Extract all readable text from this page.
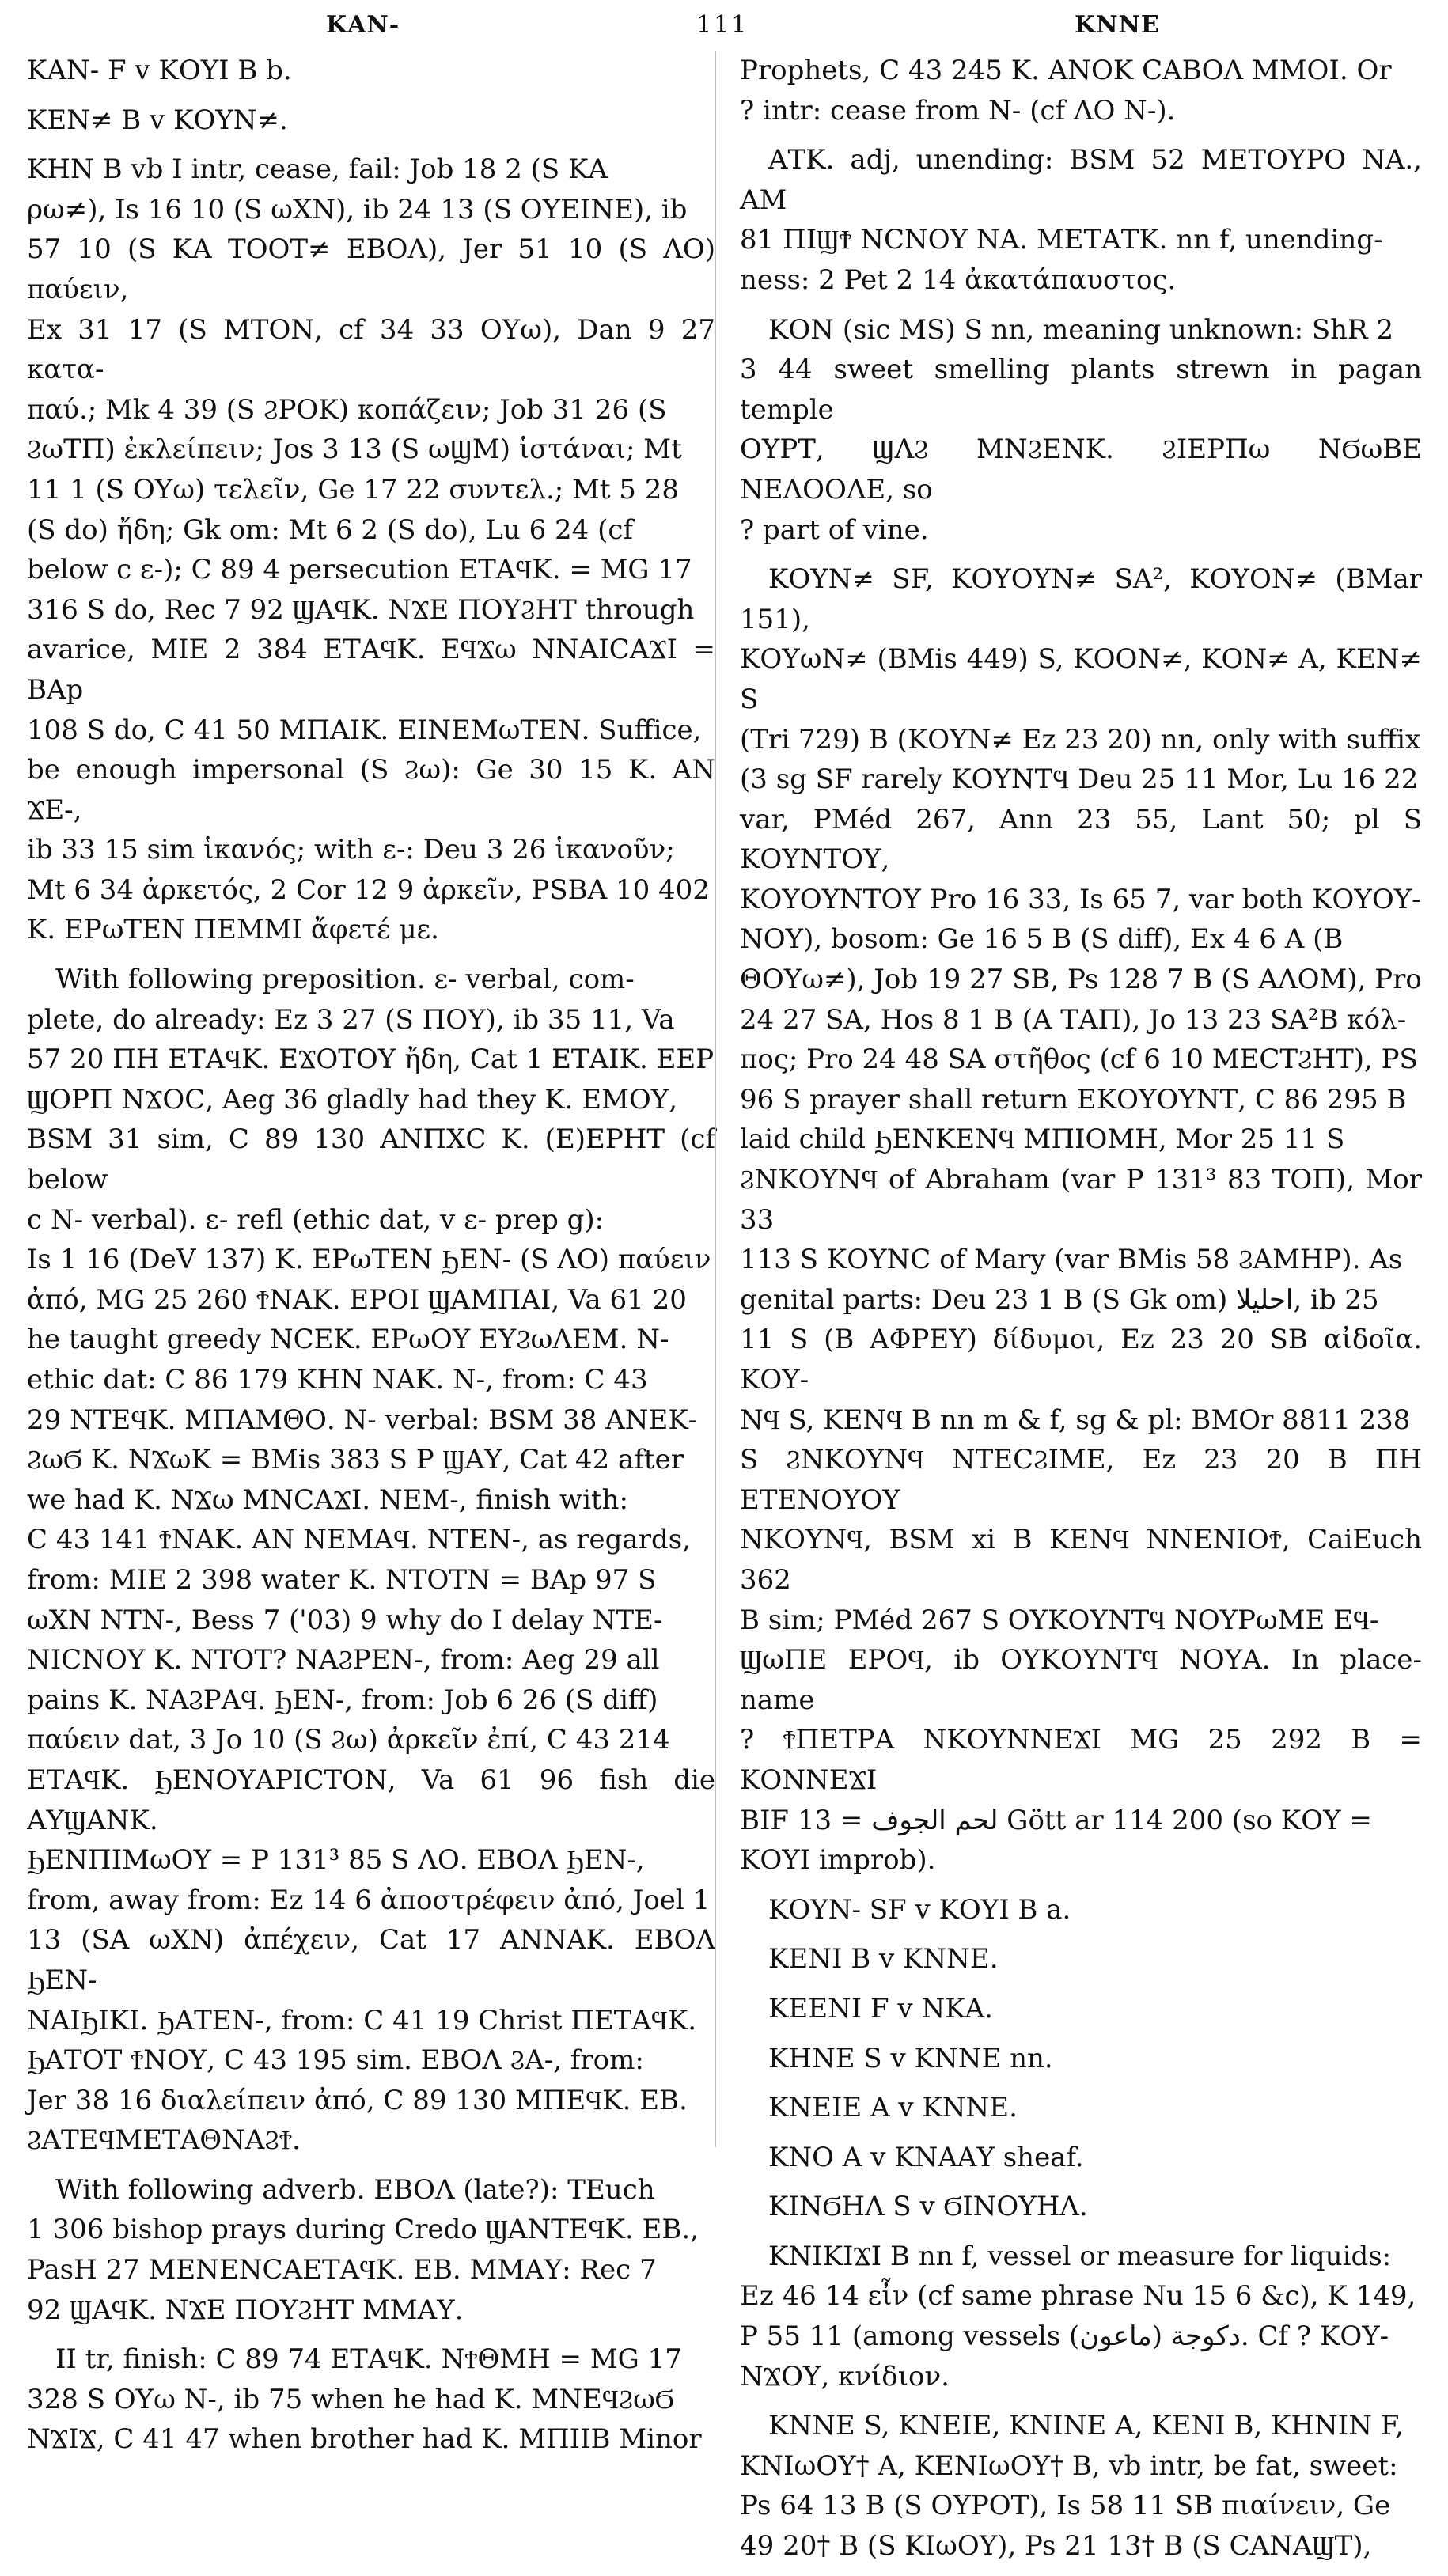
ΚΑΝ-	111	ΚΝΝΕ
ΚΑΝ- F v ΚΟΥΙ B b.
ΚΕΝ≠ B v ΚΟΥΝ≠.
ΚΗΝ B vb I intr, cease, fail: Job 18 2 (S ΚΑ
ρω≠), Is 16 10 (S ωΧΝ), ib 24 13 (S ΟΥΕΙΝΕ), ib
57 10 (S ΚΑ ΤΟΟΤ≠ ΕΒΟΛ), Jer 51 10 (S ΛΟ) παύειν,
Ex 31 17 (S ΜΤΟΝ, cf 34 33 ΟΥω), Dan 9 27 κατα-
παύ.; Mk 4 39 (S ϨΡΟΚ) κοπάζειν; Job 31 26 (S
ϨωΤΠ) ἐκλείπειν; Jos 3 13 (S ωϢΜ) ἱστάναι; Mt
11 1 (S ΟΥω) τελεῖν, Ge 17 22 συντελ.; Mt 5 28
(S do) ἤδη; Gk om: Mt 6 2 (S do), Lu 6 24 (cf
below c ε-); C 89 4 persecution ΕΤΑϤΚ. = MG 17
316 S do, Rec 7 92 ϢΑϤΚ. ΝϪΕ ΠΟΥϨΗΤ through
avarice, MIE 2 384 ΕΤΑϤΚ. ΕϤϪω ΝΝΑΙϹΑϪΙ = BAp
108 S do, C 41 50 ΜΠΑΙΚ. ΕΙΝΕΜωΤΕΝ. Suffice,
be enough impersonal (S Ϩω): Ge 30 15 Κ. ΑΝ ϪΕ-,
ib 33 15 sim ἱκανός; with ε-: Deu 3 26 ἱκανοῦν;
Mt 6 34 ἀρκετός, 2 Cor 12 9 ἀρκεῖν, PSBA 10 402
Κ. ΕΡωΤΕΝ ΠΕΜΜΙ ἄφετέ με.
With following preposition. ε- verbal, com-
plete, do already: Ez 3 27 (S ΠΟΥ), ib 35 11, Va
57 20 ΠΗ ΕΤΑϤΚ. ΕϪΟΤΟΥ ἤδη, Cat 1 ΕΤΑΙΚ. ΕΕΡ
ϢΟΡΠ ΝϪΟϹ, Aeg 36 gladly had they Κ. ΕΜΟΥ,
BSM 31 sim, C 89 130 ΑΝΠΧϹ Κ. (Ε)ΕΡΗΤ (cf below
c Ν- verbal). ε- refl (ethic dat, v ε- prep g):
Is 1 16 (DeV 137) Κ. ΕΡωΤΕΝ ϦΕΝ- (S ΛΟ) παύειν
ἀπό, MG 25 260 ϮΝΑΚ. ΕΡΟΙ ϢΑΜΠΑΙ, Va 61 20
he taught greedy ΝϹΕΚ. ΕΡωΟΥ ΕΥϨωΛΕΜ. Ν-
ethic dat: C 86 179 ΚΗΝ ΝΑΚ. Ν-, from: C 43
29 ΝΤΕϤΚ. ΜΠΑΜΘΟ. Ν- verbal: BSM 38 ΑΝΕΚ-
ϨωϬ Κ. ΝϪωΚ = BMis 383 S Ρ ϢΑΥ, Cat 42 after
we had Κ. ΝϪω ΜΝϹΑϪΙ. ΝΕΜ-, finish with:
C 43 141 ϮΝΑΚ. ΑΝ ΝΕΜΑϤ. ΝΤΕΝ-, as regards,
from: MIE 2 398 water Κ. ΝΤΟΤΝ = BAp 97 S
ωΧΝ ΝΤΝ-, Bess 7 ('03) 9 why do I delay ΝΤΕ-
ΝΙϹΝΟΥ Κ. ΝΤΟΤ? ΝΑϨΡΕΝ-, from: Aeg 29 all
pains Κ. ΝΑϨΡΑϤ. ϦΕΝ-, from: Job 6 26 (S diff)
παύειν dat, 3 Jo 10 (S Ϩω) ἀρκεῖν ἐπί, C 43 214
ΕΤΑϤΚ. ϦΕΝΟΥΑΡΙϹΤΟΝ, Va 61 96 fish die ΑΥϢΑΝΚ.
ϦΕΝΠΙΜωΟΥ = P 131³ 85 S ΛΟ. ΕΒΟΛ ϦΕΝ-,
from, away from: Ez 14 6 ἀποστρέφειν ἀπό, Joel 1
13 (SA ωΧΝ) ἀπέχειν, Cat 17 ΑΝΝΑΚ. ΕΒΟΛ ϦΕΝ-
ΝΑΙϦΙΚΙ. ϦΑΤΕΝ-, from: C 41 19 Christ ΠΕΤΑϤΚ.
ϦΑΤΟΤ ϮΝΟΥ, C 43 195 sim. ΕΒΟΛ ϨΑ-, from:
Jer 38 16 διαλείπειν ἀπό, C 89 130 ΜΠΕϤΚ. ΕΒ.
ϨΑΤΕϤΜΕΤΑΘΝΑϨϮ.
With following adverb. ΕΒΟΛ (late?): TEuch
1 306 bishop prays during Credo ϢΑΝΤΕϤΚ. ΕΒ.,
PasH 27 ΜΕΝΕΝϹΑΕΤΑϤΚ. ΕΒ. ΜΜΑΥ: Rec 7
92 ϢΑϤΚ. ΝϪΕ ΠΟΥϨΗΤ ΜΜΑΥ.
II tr, finish: C 89 74 ΕΤΑϤΚ. ΝϮΘΜΗ = MG 17
328 S ΟΥω Ν-, ib 75 when he had Κ. ΜΝΕϤϨωϬ
ΝϪΙϪ, C 41 47 when brother had Κ. ΜΠΙΙΒ Minor
Prophets, C 43 245 Κ. ΑΝΟΚ ϹΑΒΟΛ ΜΜΟΙ. Or
? intr: cease from Ν- (cf ΛΟ Ν-).
ΑΤΚ. adj, unending: BSM 52 ΜΕΤΟΥΡΟ ΝΑ., AM
81 ΠΙϢϮ ΝϹΝΟΥ ΝΑ. ΜΕΤΑΤΚ. nn f, unending-
ness: 2 Pet 2 14 ἀκατάπαυστος.
ΚΟΝ (sic MS) S nn, meaning unknown: ShR 2
3 44 sweet smelling plants strewn in pagan temple
ΟΥΡΤ, ϢΛϨ ΜΝϨΕΝΚ. ϨΙΕΡΠω ΝϬωΒΕ ΝΕΛΟΟΛΕ, so
? part of vine.
ΚΟΥΝ≠ SF, ΚΟΥΟΥΝ≠ SA², ΚΟΥΟΝ≠ (BMar 151),
ΚΟΥωΝ≠ (BMis 449) S, ΚΟΟΝ≠, ΚΟΝ≠ A, ΚΕΝ≠ S
(Tri 729) B (ΚΟΥΝ≠ Ez 23 20) nn, only with suffix
(3 sg SF rarely ΚΟΥΝΤϤ Deu 25 11 Mor, Lu 16 22
var, PMéd 267, Ann 23 55, Lant 50; pl S ΚΟΥΝΤΟΥ,
ΚΟΥΟΥΝΤΟΥ Pro 16 33, Is 65 7, var both ΚΟΥΟΥ-
ΝΟΥ), bosom: Ge 16 5 B (S diff), Ex 4 6 A (B
ΘΟΥω≠), Job 19 27 SB, Ps 128 7 B (S ΑΛΟΜ), Pro
24 27 SA, Hos 8 1 B (A ΤΑΠ), Jo 13 23 SA²B κόλ-
πος; Pro 24 48 SA στῆθος (cf 6 10 ΜΕϹΤϨΗΤ), PS
96 S prayer shall return ΕΚΟΥΟΥΝΤ, C 86 295 B
laid child ϦΕΝΚΕΝϤ ΜΠΙΟΜΗ, Mor 25 11 S
ϨΝΚΟΥΝϤ of Abraham (var P 131³ 83 ΤΟΠ), Mor 33
113 S ΚΟΥΝϹ of Mary (var BMis 58 ϨΑΜΗΡ). As
genital parts: Deu 23 1 B (S Gk om) احليلا, ib 25
11 S (B ΑΦΡΕΥ) δίδυμοι, Ez 23 20 SB αἰδοῖα. ΚΟΥ-
ΝϤ S, ΚΕΝϤ B nn m & f, sg & pl: BMOr 8811 238
S ϨΝΚΟΥΝϤ ΝΤΕϹϨΙΜΕ, Ez 23 20 B ΠΗ ΕΤΕΝΟΥΟΥ
ΝΚΟΥΝϤ, BSM xi B ΚΕΝϤ ΝΝΕΝΙΟϮ, CaiEuch 362
B sim; PMéd 267 S ΟΥΚΟΥΝΤϤ ΝΟΥΡωΜΕ ΕϤ-
ϢωΠΕ ΕΡΟϤ, ib ΟΥΚΟΥΝΤϤ ΝΟΥΑ. In place-name
? ϮΠΕΤΡΑ ΝΚΟΥΝΝΕϪΙ MG 25 292 B = ΚΟΝΝΕϪΙ
BIF 13 = لحم الجوف Gött ar 114 200 (so ΚΟΥ =
ΚΟΥΙ improb).
ΚΟΥΝ- SF v ΚΟΥΙ B a.
ΚΕΝΙ B v ΚΝΝΕ.
ΚΕΕΝΙ F v ΝΚΑ.
ΚΗΝΕ S v ΚΝΝΕ nn.
ΚΝΕΙΕ A v ΚΝΝΕ.
ΚΝΟ A v ΚΝΑΑΥ sheaf.
ΚΙΝϬΗΛ S v ϬΙΝΟΥΗΛ.
ΚΝΙΚΙϪΙ B nn f, vessel or measure for liquids:
Ez 46 14 εἶν (cf same phrase Nu 15 6 &c), K 149,
P 55 11 (among vessels دكوجة (ماعون). Cf ? ΚΟΥ-
ΝϪΟΥ, κνίδιον.
ΚΝΝΕ S, ΚΝΕΙΕ, ΚΝΙΝΕ A, ΚΕΝΙ B, ΚΗΝΙΝ F,
ΚΝΙωΟΥ† A, ΚΕΝΙωΟΥ† B, vb intr, be fat, sweet:
Ps 64 13 B (S ΟΥΡΟΤ), Is 58 11 SB πιαίνειν, Ge
49 20† B (S ΚΙωΟΥ), Ps 21 13† B (S ϹΑΝΑϢΤ),
